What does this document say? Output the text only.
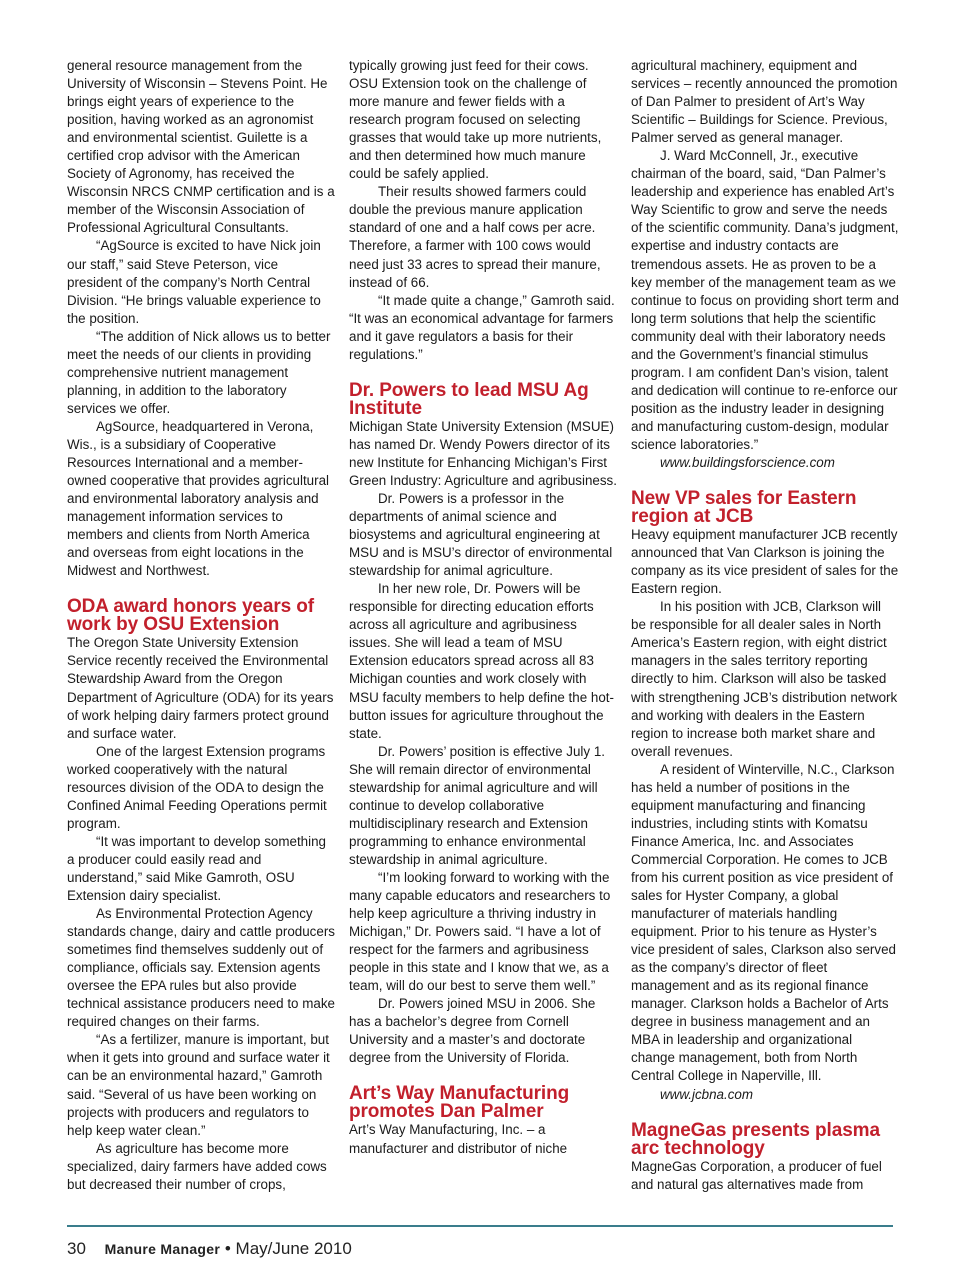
general resource management from the University of Wisconsin – Stevens Point. He brings eight years of experience to the position, having worked as an agronomist and environmental scientist. Guilette is a certified crop advisor with the American Society of Agronomy, has received the Wisconsin NRCS CNMP certification and is a member of the Wisconsin Association of Professional Agricultural Consultants.

“AgSource is excited to have Nick join our staff,” said Steve Peterson, vice president of the company’s North Central Division. “He brings valuable experience to the position.

“The addition of Nick allows us to better meet the needs of our clients in providing comprehensive nutrient management planning, in addition to the laboratory services we offer.

AgSource, headquartered in Verona, Wis., is a subsidiary of Cooperative Resources International and a member-owned cooperative that provides agricultural and environmental laboratory analysis and management information services to members and clients from North America and overseas from eight locations in the Midwest and Northwest.

ODA award honors years of work by OSU Extension

The Oregon State University Extension Service recently received the Environmental Stewardship Award from the Oregon Department of Agriculture (ODA) for its years of work helping dairy farmers protect ground and surface water.

One of the largest Extension programs worked cooperatively with the natural resources division of the ODA to design the Confined Animal Feeding Operations permit program.

“It was important to develop something a producer could easily read and understand,” said Mike Gamroth, OSU Extension dairy specialist.

As Environmental Protection Agency standards change, dairy and cattle producers sometimes find themselves suddenly out of compliance, officials say. Extension agents oversee the EPA rules but also provide technical assistance producers need to make required changes on their farms.

“As a fertilizer, manure is important, but when it gets into ground and surface water it can be an environmental hazard,” Gamroth said. “Several of us have been working on projects with producers and regulators to help keep water clean.”

As agriculture has become more specialized, dairy farmers have added cows but decreased their number of crops,

typically growing just feed for their cows. OSU Extension took on the challenge of more manure and fewer fields with a research program focused on selecting grasses that would take up more nutrients, and then determined how much manure could be safely applied.

Their results showed farmers could double the previous manure application standard of one and a half cows per acre. Therefore, a farmer with 100 cows would need just 33 acres to spread their manure, instead of 66.

“It made quite a change,” Gamroth said. “It was an economical advantage for farmers and it gave regulators a basis for their regulations.”

Dr. Powers to lead MSU Ag Institute

Michigan State University Extension (MSUE) has named Dr. Wendy Powers director of its new Institute for Enhancing Michigan’s First Green Industry: Agriculture and agribusiness.

Dr. Powers is a professor in the departments of animal science and biosystems and agricultural engineering at MSU and is MSU’s director of environmental stewardship for animal agriculture.

In her new role, Dr. Powers will be responsible for directing education efforts across all agriculture and agribusiness issues. She will lead a team of MSU Extension educators spread across all 83 Michigan counties and work closely with MSU faculty members to help define the hot-button issues for agriculture throughout the state.

Dr. Powers’ position is effective July 1. She will remain director of environmental stewardship for animal agriculture and will continue to develop collaborative multidisciplinary research and Extension programming to enhance environmental stewardship in animal agriculture.

“I’m looking forward to working with the many capable educators and researchers to help keep agriculture a thriving industry in Michigan,” Dr. Powers said. “I have a lot of respect for the farmers and agribusiness people in this state and I know that we, as a team, will do our best to serve them well.”

Dr. Powers joined MSU in 2006. She has a bachelor’s degree from Cornell University and a master’s and doctorate degree from the University of Florida.

Art’s Way Manufacturing promotes Dan Palmer

Art’s Way Manufacturing, Inc. – a manufacturer and distributor of niche

agricultural machinery, equipment and services – recently announced the promotion of Dan Palmer to president of Art’s Way Scientific – Buildings for Science. Previous, Palmer served as general manager.

J. Ward McConnell, Jr., executive chairman of the board, said, “Dan Palmer’s leadership and experience has enabled Art’s Way Scientific to grow and serve the needs of the scientific community. Dana’s judgment, expertise and industry contacts are tremendous assets. He as proven to be a key member of the management team as we continue to focus on providing short term and long term solutions that help the scientific community deal with their laboratory needs and the Government’s financial stimulus program. I am confident Dan’s vision, talent and dedication will continue to re-enforce our position as the industry leader in designing and manufacturing custom-design, modular science laboratories.”

www.buildingsforscience.com

New VP sales for Eastern region at JCB

Heavy equipment manufacturer JCB recently announced that Van Clarkson is joining the company as its vice president of sales for the Eastern region.

In his position with JCB, Clarkson will be responsible for all dealer sales in North America’s Eastern region, with eight district managers in the sales territory reporting directly to him. Clarkson will also be tasked with strengthening JCB’s distribution network and working with dealers in the Eastern region to increase both market share and overall revenues.

A resident of Winterville, N.C., Clarkson has held a number of positions in the equipment manufacturing and financing industries, including stints with Komatsu Finance America, Inc. and Associates Commercial Corporation. He comes to JCB from his current position as vice president of sales for Hyster Company, a global manufacturer of materials handling equipment. Prior to his tenure as Hyster’s vice president of sales, Clarkson also served as the company’s director of fleet management and as its regional finance manager. Clarkson holds a Bachelor of Arts degree in business management and an MBA in leadership and organizational change management, both from North Central College in Naperville, Ill.

www.jcbna.com

MagneGas presents plasma arc technology

MagneGas Corporation, a producer of fuel and natural gas alternatives made from

30 Manure Manager • May/June 2010
